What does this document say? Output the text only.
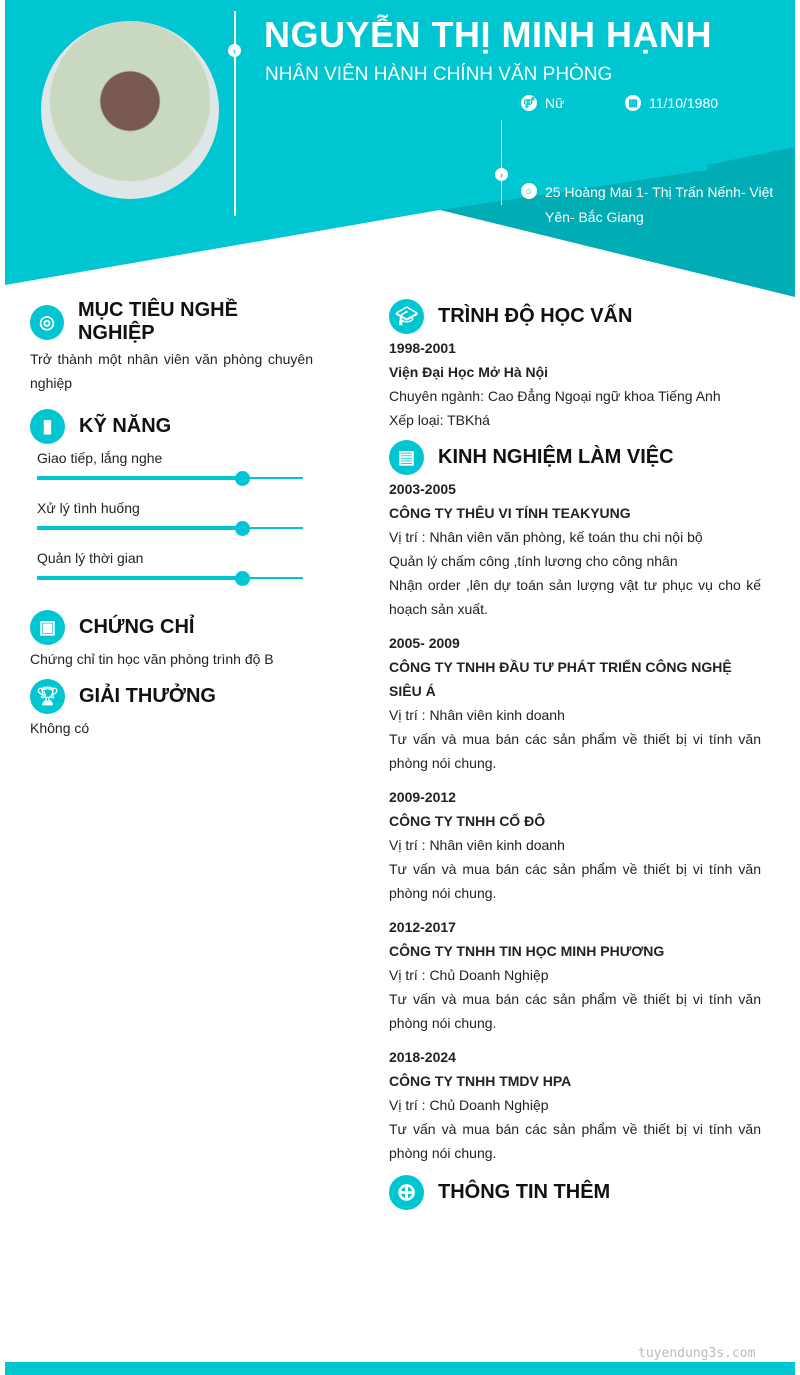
›
›
NGUYỄN THỊ MINH HẠNH
NHÂN VIÊN HÀNH CHÍNH VĂN PHÒNG
⚤ Nữ	▦ 11/10/1980
⌂ 25 Hoàng Mai 1- Thị Trấn Nếnh- Việt Yên- Bắc Giang
◎
MỤC TIÊU NGHỀ NGHIỆP
Trở thành một nhân viên văn phòng chuyên nghiệp
▮	KỸ NĂNG
Giao tiếp, lắng nghe
Xử lý tình huống
Quản lý thời gian
▣	CHỨNG CHỈ
Chứng chỉ tin học văn phòng trình độ B
🏆︎	GIẢI THƯỞNG
Không có
🎓︎	TRÌNH ĐỘ HỌC VẤN
1998-2001
Viện Đại Học Mở Hà Nội
Chuyên ngành: Cao Đẳng Ngoại ngữ khoa Tiếng Anh
Xếp loại: TBKhá
▤	KINH NGHIỆM LÀM VIỆC
2003-2005
CÔNG TY THÊU VI TÍNH TEAKYUNG
Vị trí : Nhân viên văn phòng, kế toán thu chi nội bộ
Quản lý chấm công ,tính lương cho công nhân
Nhận order ,lên dự toán sản lượng vật tư phục vụ cho kế hoạch sản xuất.
2005- 2009
CÔNG TY TNHH ĐẦU TƯ PHÁT TRIỂN CÔNG NGHỆ SIÊU Á
Vị trí : Nhân viên kinh doanh
Tư vấn và mua bán các sản phẩm về thiết bị vi tính văn phòng nói chung.
2009-2012
CÔNG TY TNHH CỐ ĐÔ
Vị trí : Nhân viên kinh doanh
Tư vấn và mua bán các sản phẩm về thiết bị vi tính văn phòng nói chung.
2012-2017
CÔNG TY TNHH TIN HỌC MINH PHƯƠNG
Vị trí : Chủ Doanh Nghiệp
Tư vấn và mua bán các sản phẩm về thiết bị vi tính văn phòng nói chung.
2018-2024
CÔNG TY TNHH TMDV HPA
Vị trí : Chủ Doanh Nghiệp
Tư vấn và mua bán các sản phẩm về thiết bị vi tính văn phòng nói chung.
⊕	THÔNG TIN THÊM
tuyendung3s.com
